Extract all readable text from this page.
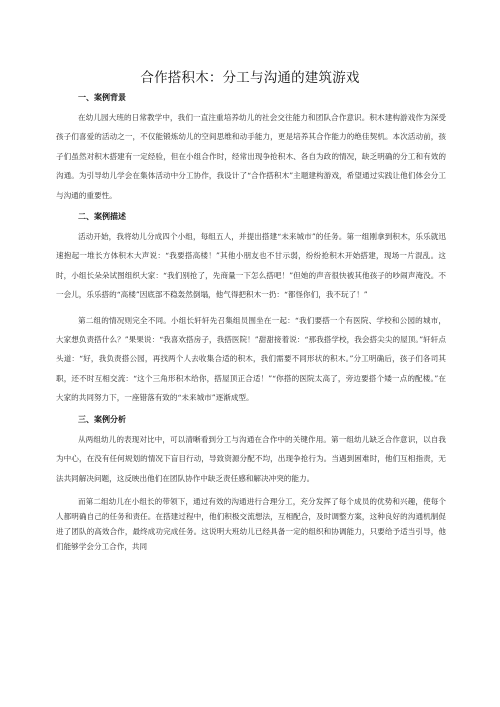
合作搭积木：分工与沟通的建筑游戏
一、案例背景

在幼儿园大班的日常教学中，我们一直注重培养幼儿的社会交往能力和团队合作意识。积木建构游戏作为深受孩子们喜爱的活动之一，不仅能锻炼幼儿的空间思维和动手能力，更是培养其合作能力的绝佳契机。本次活动前，孩子们虽然对积木搭建有一定经验，但在小组合作时，经常出现争抢积木、各自为政的情况，缺乏明确的分工和有效的沟通。为引导幼儿学会在集体活动中分工协作，我设计了“合作搭积木”主题建构游戏，希望通过实践让他们体会分工与沟通的重要性。

二、案例描述

活动开始，我将幼儿分成四个小组，每组五人，并提出搭建“未来城市”的任务。第一组刚拿到积木，乐乐就迅速抱起一堆长方体积木大声说：“我要搭高楼！”其他小朋友也不甘示弱，纷纷抢积木开始搭建，现场一片混乱。这时，小组长朵朵试图组织大家：“我们别抢了，先商量一下怎么搭吧！”但她的声音很快被其他孩子的吵闹声淹没。不一会儿，乐乐搭的“高楼”因底部不稳轰然倒塌，他气得把积木一扔：“都怪你们，我不玩了！”

第二组的情况则完全不同。小组长轩轩先召集组员围坐在一起：“我们要搭一个有医院、学校和公园的城市，大家想负责搭什么？”果果说：“我喜欢搭房子，我搭医院！”甜甜接着说：“那我搭学校，我会搭尖尖的屋顶。”轩轩点头道：“好，我负责搭公园，再找两个人去收集合适的积木，我们需要不同形状的积木。”分工明确后，孩子们各司其职，还不时互相交流：“这个三角形积木给你，搭屋顶正合适！”“你搭的医院太高了，旁边要搭个矮一点的配楼。”在大家的共同努力下，一座错落有致的“未来城市”逐渐成型。

三、案例分析

从两组幼儿的表现对比中，可以清晰看到分工与沟通在合作中的关键作用。第一组幼儿缺乏合作意识，以自我为中心，在没有任何规划的情况下盲目行动，导致资源分配不均，出现争抢行为。当遇到困难时，他们互相指责，无法共同解决问题，这反映出他们在团队协作中缺乏责任感和解决冲突的能力。

而第二组幼儿在小组长的带领下，通过有效的沟通进行合理分工，充分发挥了每个成员的优势和兴趣，使每个人都明确自己的任务和责任。在搭建过程中，他们积极交流想法，互相配合，及时调整方案，这种良好的沟通机制促进了团队的高效合作，最终成功完成任务。这说明大班幼儿已经具备一定的组织和协调能力，只要给予适当引导，他们能够学会分工合作，共同
